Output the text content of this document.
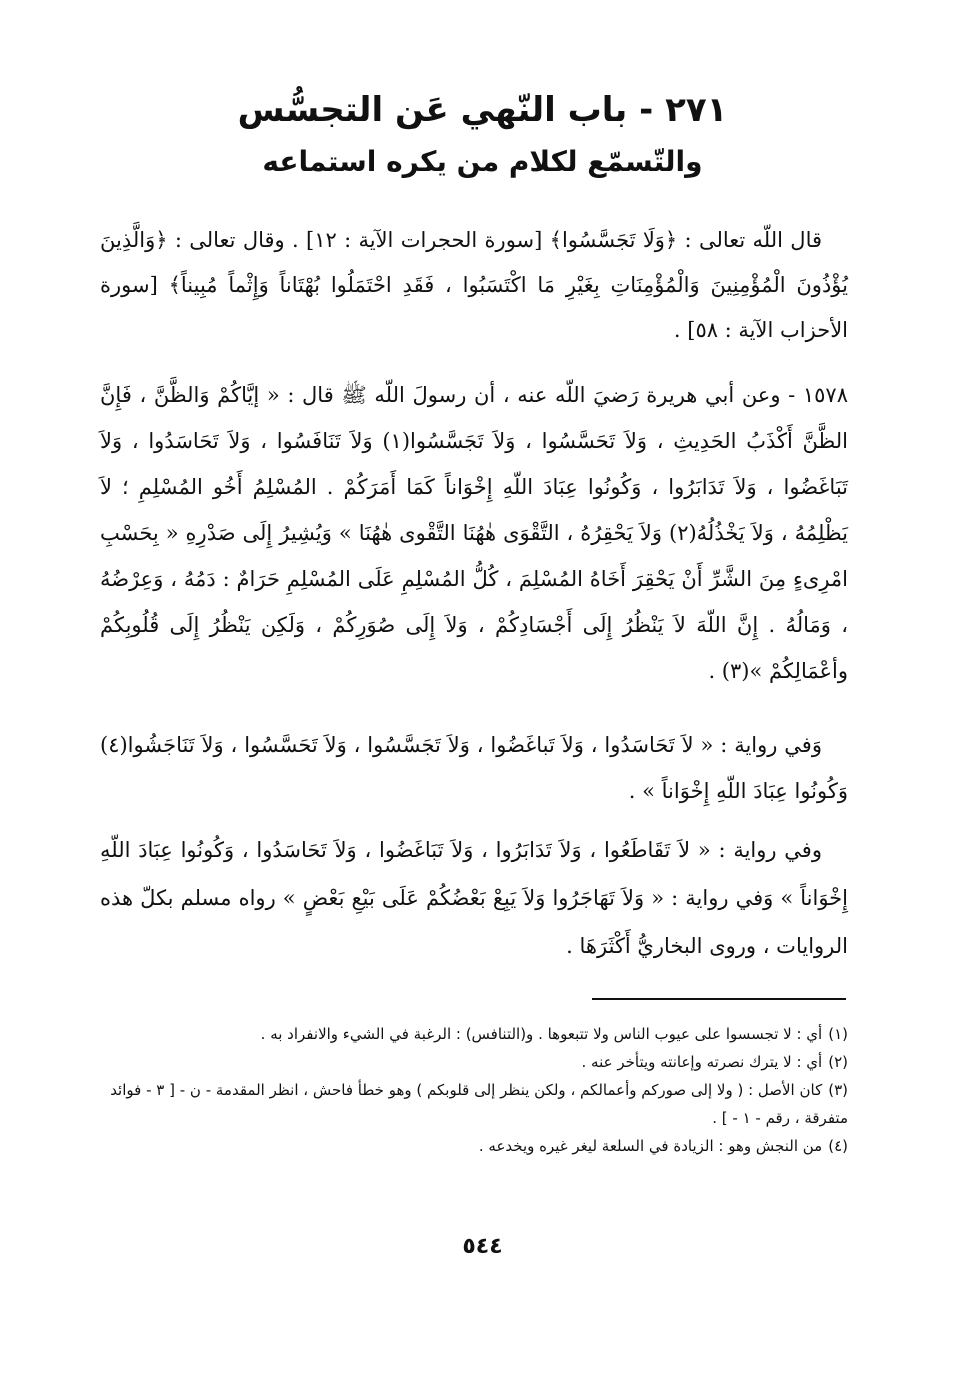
٢٧١ - باب النّهي عَن التجسُّس
والتّسمّع لكلام من يكره استماعه
قال اللّه تعالى : ﴿وَلَا تَجَسَّسُوا﴾ [سورة الحجرات الآية : ١٢] . وقال تعالى : ﴿وَالَّذِينَ يُؤْذُونَ الْمُؤْمِنِينَ وَالْمُؤْمِنَاتِ بِغَيْرِ مَا اكْتَسَبُوا ، فَقَدِ احْتَمَلُوا بُهْتَاناً وَإِثْماً مُبِيناً﴾ [سورة الأحزاب الآية : ٥٨] .
١٥٧٨ - وعن أبي هريرة رَضيَ اللّه عنه ، أن رسولَ اللّه ﷺ قال : « إيَّاكُمْ وَالظَّنَّ ، فَإِنَّ الظَّنَّ أَكْذَبُ الحَدِيثِ ، وَلاَ تَحَسَّسُوا ، وَلاَ تَجَسَّسُوا(١) وَلاَ تَنَافَسُوا ، وَلاَ تَحَاسَدُوا ، وَلاَ تَبَاغَضُوا ، وَلاَ تَدَابَرُوا ، وَكُونُوا عِبَادَ اللّهِ إِخْوَاناً كَمَا أَمَرَكُمْ . المُسْلِمُ أَخُو المُسْلِمِ ؛ لاَ يَظْلِمُهُ ، وَلاَ يَخْذُلُهُ(٢) وَلاَ يَحْقِرُهُ ، التَّقْوَى هٰهُنَا التَّقْوى هٰهُنَا » وَيُشِيرُ إِلَى صَدْرِهِ « بِحَسْبِ امْرِىءٍ مِنَ الشَّرِّ أَنْ يَحْقِرَ أَخَاهُ المُسْلِمَ ، كُلُّ المُسْلِمِ عَلَى المُسْلِمِ حَرَامٌ : دَمُهُ ، وَعِرْضُهُ ، وَمَالُهُ . إِنَّ اللّهَ لاَ يَنْظُرُ إِلَى أَجْسَادِكُمْ ، وَلاَ إِلَى صُوَرِكُمْ ، وَلَكِن يَنْظُرُ إِلَى قُلُوبِكُمْ وأعْمَالِكُمْ »(٣) .
وَفي رواية : « لاَ تَحَاسَدُوا ، وَلاَ تَباغَضُوا ، وَلاَ تَجَسَّسُوا ، وَلاَ تَحَسَّسُوا ، وَلاَ تَنَاجَشُوا(٤) وَكُونُوا عِبَادَ اللّهِ إِخْوَاناً » .
وفي رواية : « لاَ تَقَاطَعُوا ، وَلاَ تَدَابَرُوا ، وَلاَ تَبَاغَضُوا ، وَلاَ تَحَاسَدُوا ، وَكُونُوا عِبَادَ اللّهِ إِخْوَاناً » وَفي رواية : « وَلاَ تَهَاجَرُوا وَلاَ يَبِعْ بَعْضُكُمْ عَلَى بَيْعِ بَعْضٍ » رواه مسلم بكلّ هذه الروايات ، وروى البخاريُّ أَكْثَرَهَا .
(١)أي : لا تجسسوا على عيوب الناس ولا تتبعوها . و(التنافس) : الرغبة في الشيء والانفراد به .
(٢)أي : لا يترك نصرته وإعانته ويتأخر عنه .
(٣)كان الأصل : ( ولا إلى صوركم وأعمالكم ، ولكن ينظر إلى قلوبكم ) وهو خطأ فاحش ، انظر المقدمة - ن - [ ٣ - فوائد متفرقة ، رقم - ١ - ] .
(٤)من النجش وهو : الزيادة في السلعة ليغر غيره ويخدعه .
٥٤٤
